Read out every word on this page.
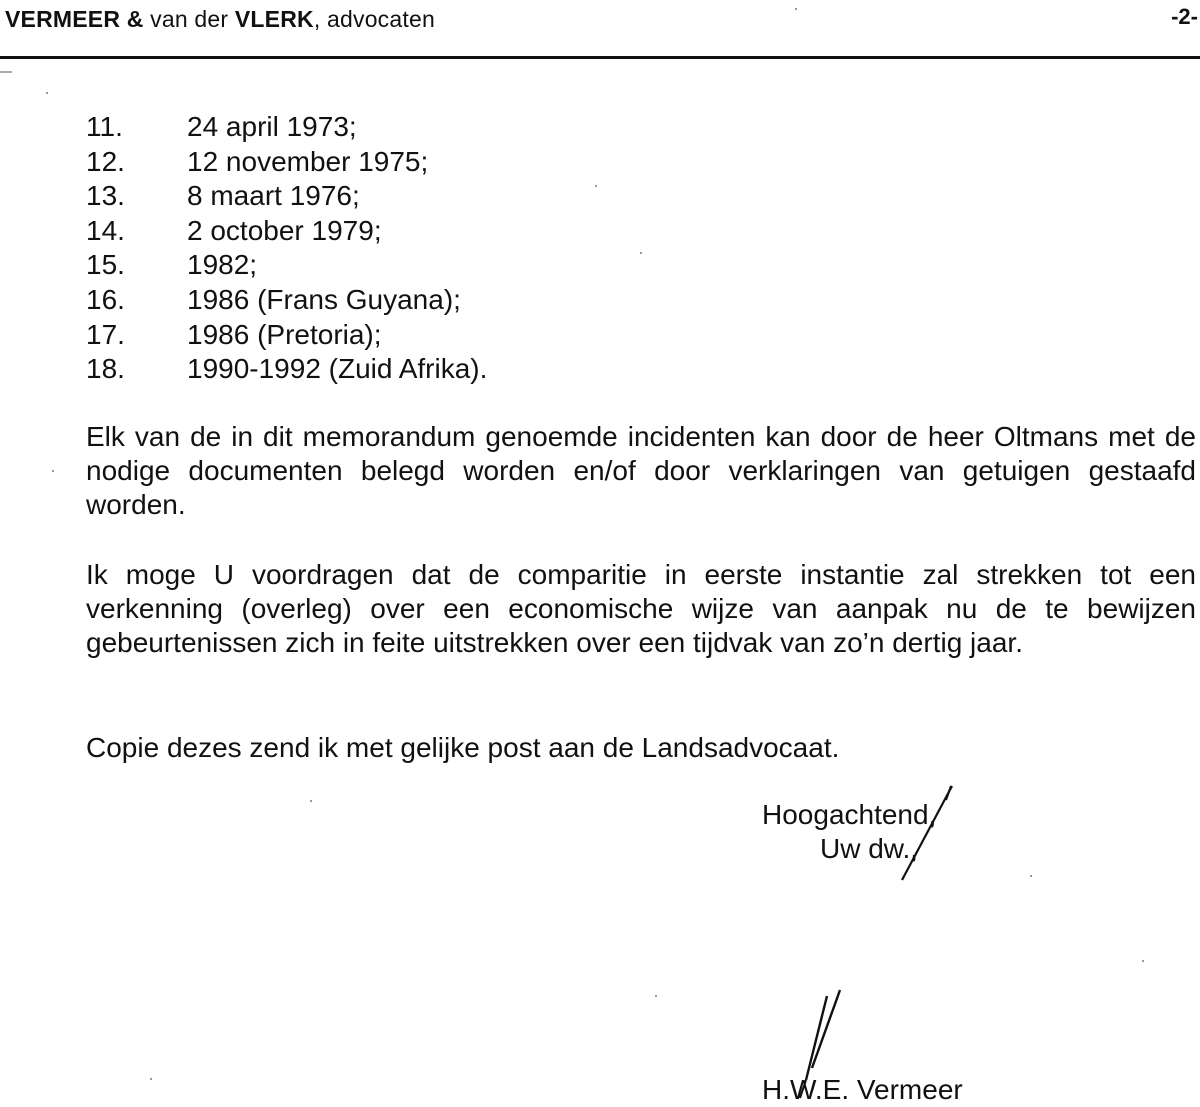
VERMEER & van der VLERK, advocaten	-2-
11.	24 april 1973;
12.	12 november 1975;
13.	8 maart 1976;
14.	2 october 1979;
15.	1982;
16.	1986 (Frans Guyana);
17.	1986 (Pretoria);
18.	1990-1992 (Zuid Afrika).

Elk van de in dit memorandum genoemde incidenten kan door de heer Oltmans met de nodige documenten belegd worden en/of door verklaringen van getuigen gestaafd worden.

Ik moge U voordragen dat de comparitie in eerste instantie zal strekken tot een verkenning (overleg) over een economische wijze van aanpak nu de te bewijzen gebeurtenissen zich in feite uitstrekken over een tijdvak van zo’n dertig jaar.

Copie dezes zend ik met gelijke post aan de Landsadvocaat.

Hoogachtend,
Uw dw.,
H.W.E. Vermeer
